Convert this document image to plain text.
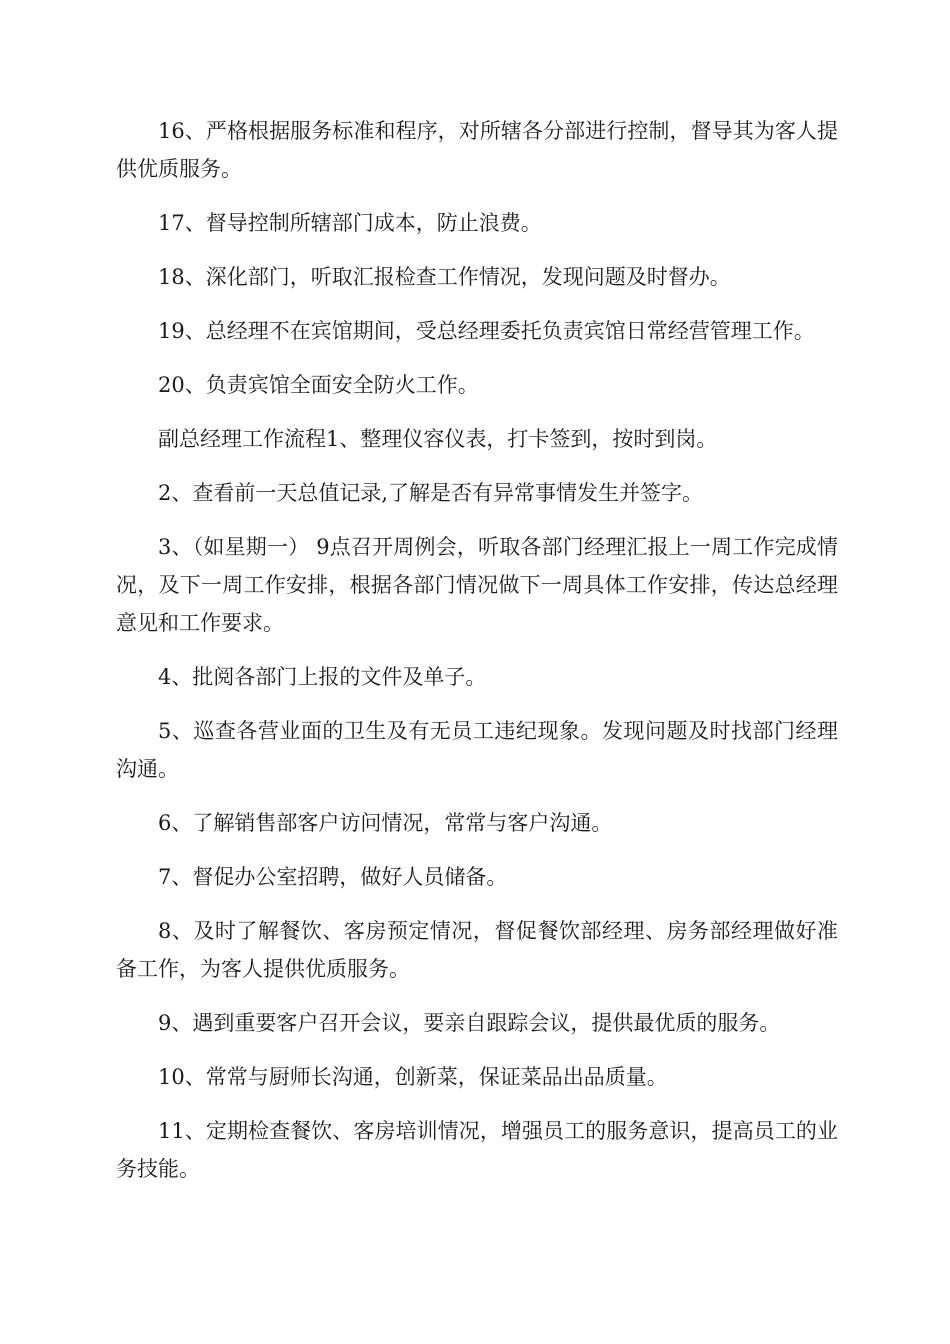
16、严格根据服务标准和程序，对所辖各分部进行控制，督导其为客人提供优质服务。

17、督导控制所辖部门成本，防止浪费。

18、深化部门，听取汇报检查工作情况，发现问题及时督办。

19、总经理不在宾馆期间，受总经理委托负责宾馆日常经营管理工作。

20、负责宾馆全面安全防火工作。

副总经理工作流程1、整理仪容仪表，打卡签到，按时到岗。

2、查看前一天总值记录,了解是否有异常事情发生并签字。

3、（如星期一） 9点召开周例会，听取各部门经理汇报上一周工作完成情况，及下一周工作安排，根据各部门情况做下一周具体工作安排，传达总经理意见和工作要求。

4、批阅各部门上报的文件及单子。

5、巡查各营业面的卫生及有无员工违纪现象。发现问题及时找部门经理沟通。

6、了解销售部客户访问情况，常常与客户沟通。

7、督促办公室招聘，做好人员储备。

8、及时了解餐饮、客房预定情况，督促餐饮部经理、房务部经理做好准备工作，为客人提供优质服务。

9、遇到重要客户召开会议，要亲自跟踪会议，提供最优质的服务。

10、常常与厨师长沟通，创新菜，保证菜品出品质量。

11、定期检查餐饮、客房培训情况，增强员工的服务意识，提高员工的业务技能。
